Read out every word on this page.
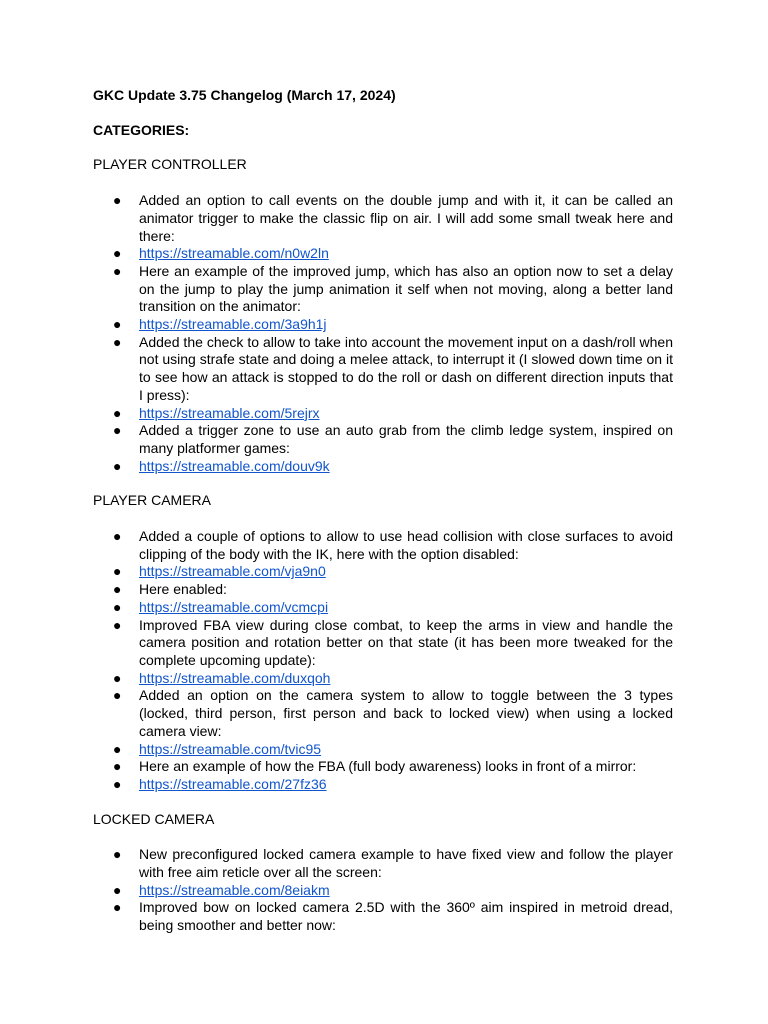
GKC Update 3.75 Changelog (March 17, 2024)

CATEGORIES:

PLAYER CONTROLLER

●	Added an option to call events on the double jump and with it, it can be called an animator trigger to make the classic flip on air. I will add some small tweak here and there:
●	https://streamable.com/n0w2ln
●	Here an example of the improved jump, which has also an option now to set a delay on the jump to play the jump animation it self when not moving, along a better land transition on the animator:
●	https://streamable.com/3a9h1j
●	Added the check to allow to take into account the movement input on a dash/roll when not using strafe state and doing a melee attack, to interrupt it (I slowed down time on it to see how an attack is stopped to do the roll or dash on different direction inputs that I press):
●	https://streamable.com/5rejrx
●	Added a trigger zone to use an auto grab from the climb ledge system, inspired on many platformer games:
●	https://streamable.com/douv9k

PLAYER CAMERA

●	Added a couple of options to allow to use head collision with close surfaces to avoid clipping of the body with the IK, here with the option disabled:
●	https://streamable.com/vja9n0
●	Here enabled:
●	https://streamable.com/vcmcpi
●	Improved FBA view during close combat, to keep the arms in view and handle the camera position and rotation better on that state (it has been more tweaked for the complete upcoming update):
●	https://streamable.com/duxqoh
●	Added an option on the camera system to allow to toggle between the 3 types (locked, third person, first person and back to locked view) when using a locked camera view:
●	https://streamable.com/tvic95
●	Here an example of how the FBA (full body awareness) looks in front of a mirror:
●	https://streamable.com/27fz36

LOCKED CAMERA

●	New preconfigured locked camera example to have fixed view and follow the player with free aim reticle over all the screen:
●	https://streamable.com/8eiakm
●	Improved bow on locked camera 2.5D with the 360º aim inspired in metroid dread, being smoother and better now:
